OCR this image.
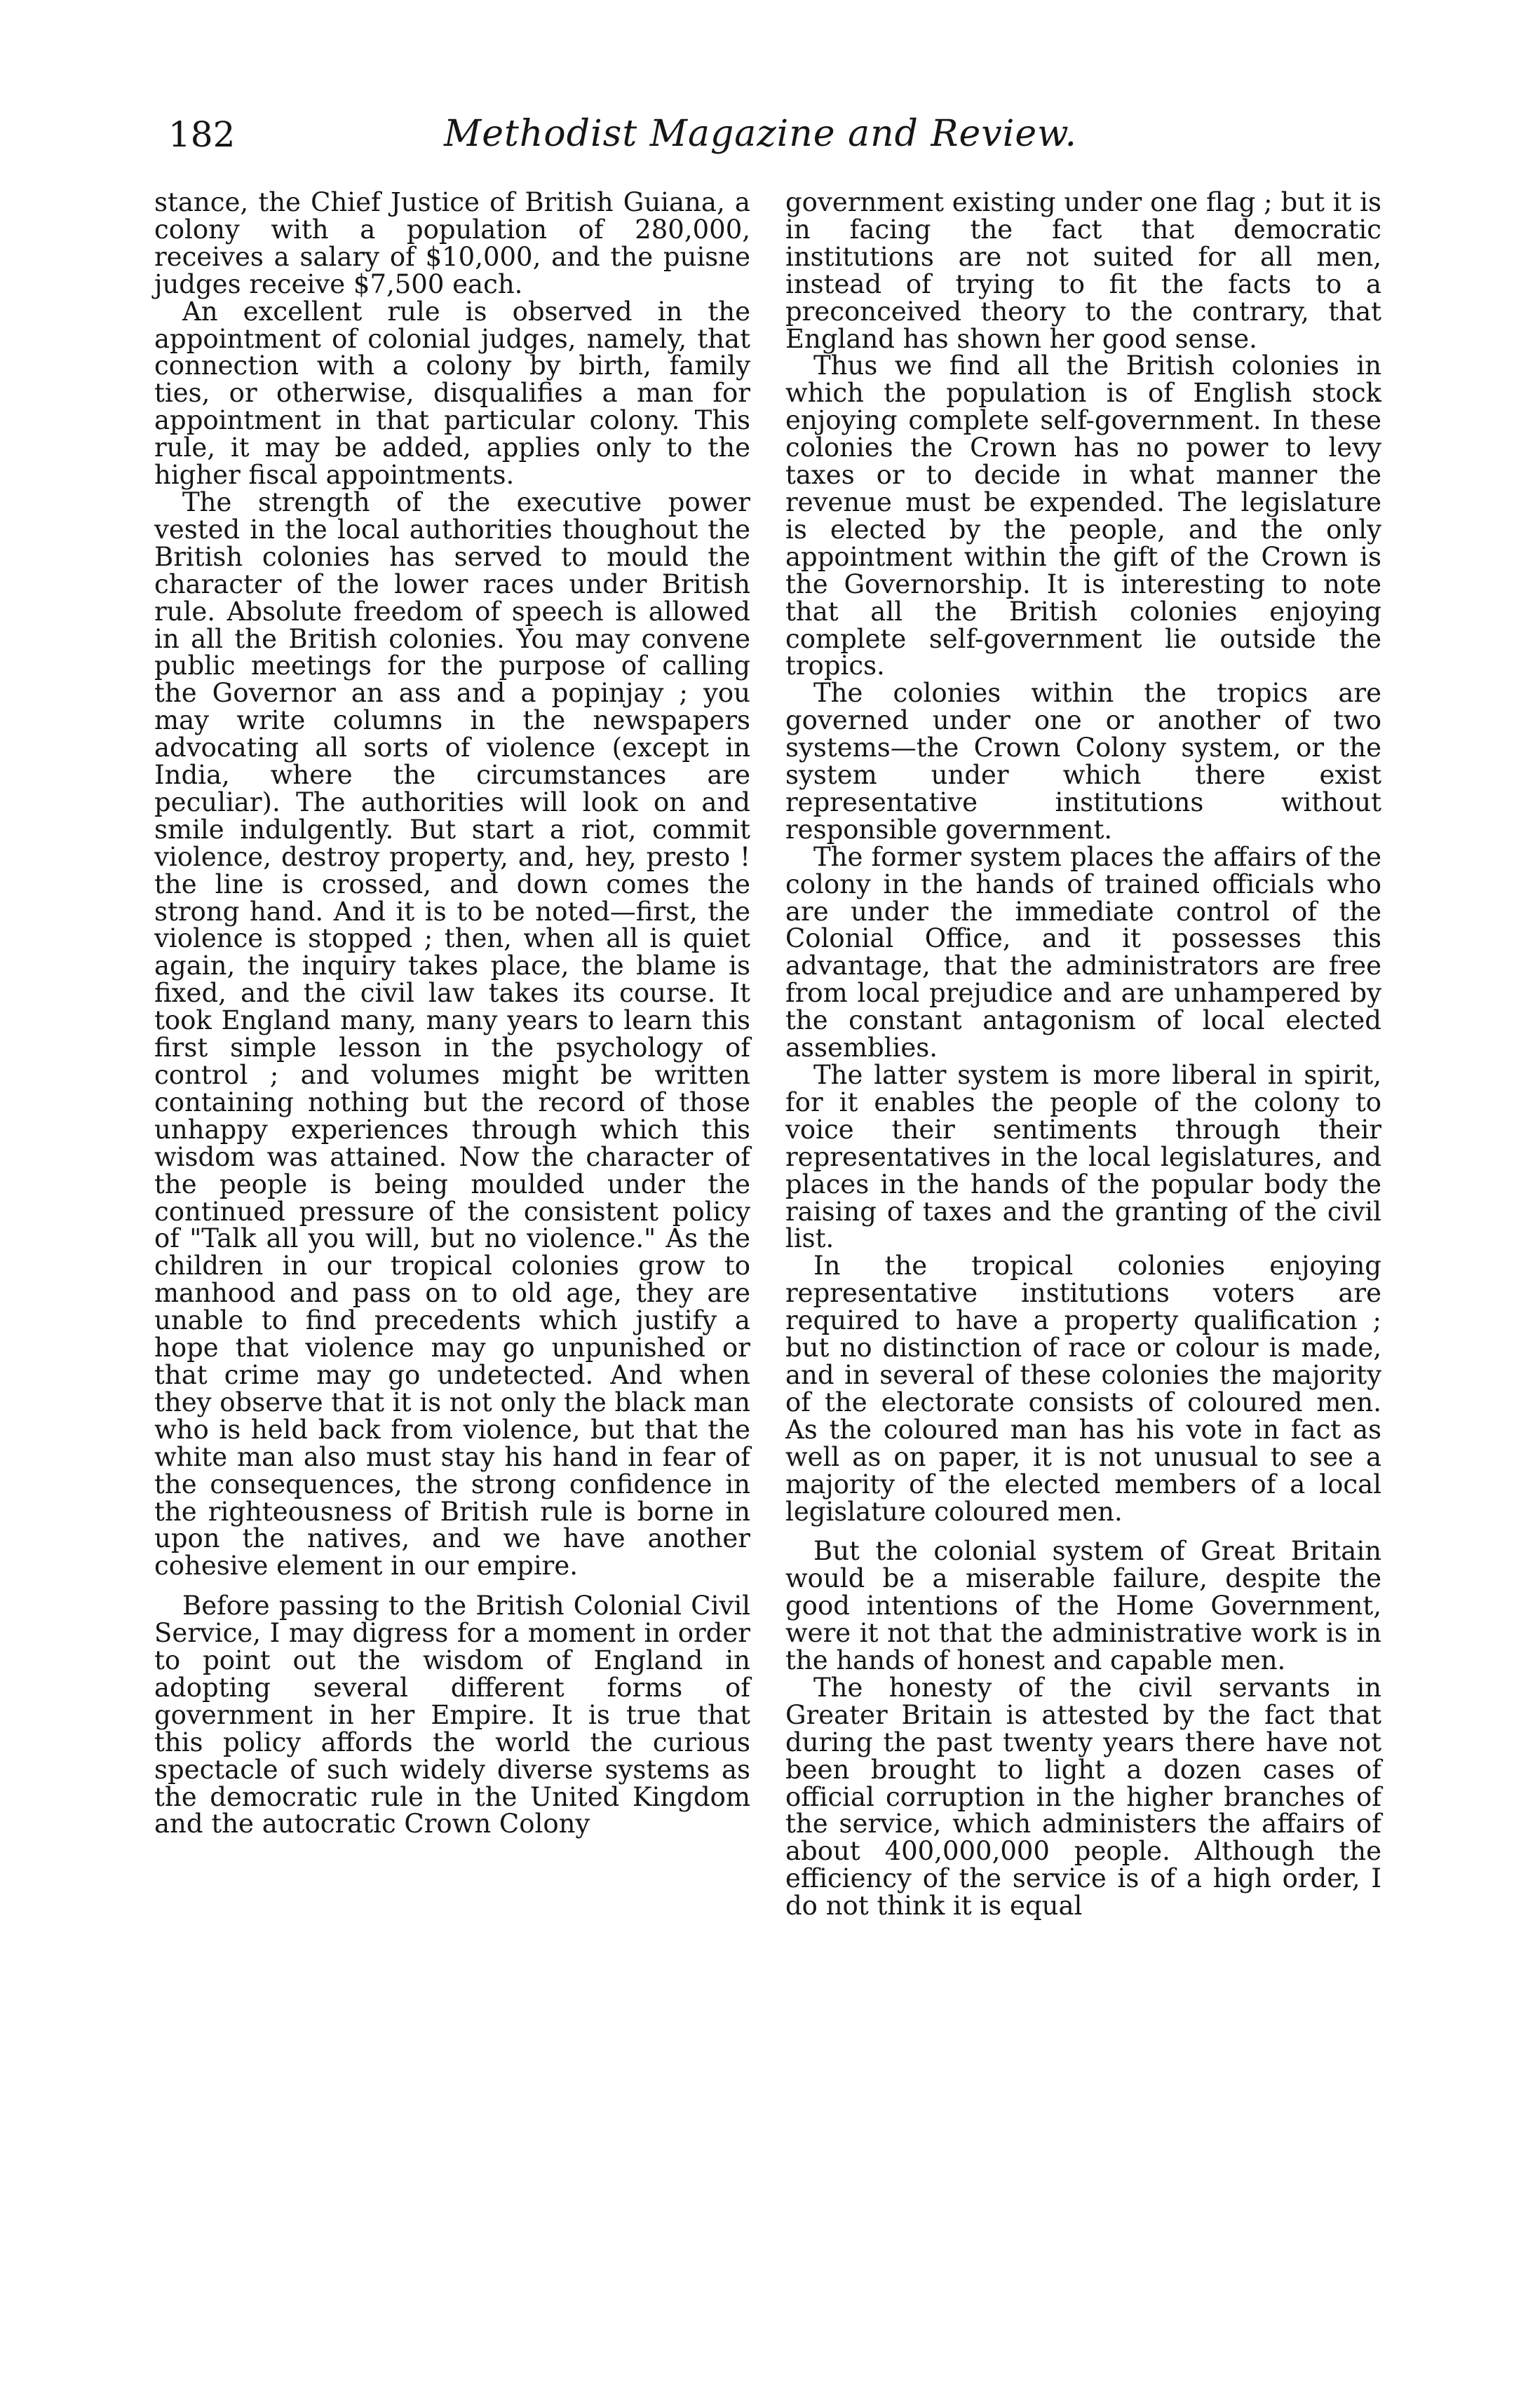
182	Methodist Magazine and Review.

stance, the Chief Justice of British Guiana, a colony with a population of 280,000, receives a salary of $10,000, and the puisne judges receive $7,500 each.

An excellent rule is observed in the appointment of colonial judges, namely, that connection with a colony by birth, family ties, or otherwise, disqualifies a man for appointment in that particular colony. This rule, it may be added, applies only to the higher fiscal appointments.

The strength of the executive power vested in the local authorities thoughout the British colonies has served to mould the character of the lower races under British rule. Absolute freedom of speech is allowed in all the British colonies. You may convene public meetings for the purpose of calling the Governor an ass and a popinjay ; you may write columns in the newspapers advocating all sorts of violence (except in India, where the circumstances are peculiar). The authorities will look on and smile indulgently. But start a riot, commit violence, destroy property, and, hey, presto ! the line is crossed, and down comes the strong hand. And it is to be noted—first, the violence is stopped ; then, when all is quiet again, the inquiry takes place, the blame is fixed, and the civil law takes its course. It took England many, many years to learn this first simple lesson in the psychology of control ; and volumes might be written containing nothing but the record of those unhappy experiences through which this wisdom was attained. Now the character of the people is being moulded under the continued pressure of the consistent policy of "Talk all you will, but no violence." As the children in our tropical colonies grow to manhood and pass on to old age, they are unable to find precedents which justify a hope that violence may go unpunished or that crime may go undetected. And when they observe that it is not only the black man who is held back from violence, but that the white man also must stay his hand in fear of the consequences, the strong confidence in the righteousness of British rule is borne in upon the natives, and we have another cohesive element in our empire.

Before passing to the British Colonial Civil Service, I may digress for a moment in order to point out the wisdom of England in adopting several different forms of government in her Empire. It is true that this policy affords the world the curious spectacle of such widely diverse systems as the democratic rule in the United Kingdom and the autocratic Crown Colony

government existing under one flag ; but it is in facing the fact that democratic institutions are not suited for all men, instead of trying to fit the facts to a preconceived theory to the contrary, that England has shown her good sense.

Thus we find all the British colonies in which the population is of English stock enjoying complete self-government. In these colonies the Crown has no power to levy taxes or to decide in what manner the revenue must be expended. The legislature is elected by the people, and the only appointment within the gift of the Crown is the Governorship. It is interesting to note that all the British colonies enjoying complete self-government lie outside the tropics.

The colonies within the tropics are governed under one or another of two systems—the Crown Colony system, or the system under which there exist representative institutions without responsible government.

The former system places the affairs of the colony in the hands of trained officials who are under the immediate control of the Colonial Office, and it possesses this advantage, that the administrators are free from local prejudice and are unhampered by the constant antagonism of local elected assemblies.

The latter system is more liberal in spirit, for it enables the people of the colony to voice their sentiments through their representatives in the local legislatures, and places in the hands of the popular body the raising of taxes and the granting of the civil list.

In the tropical colonies enjoying representative institutions voters are required to have a property qualification ; but no distinction of race or colour is made, and in several of these colonies the majority of the electorate consists of coloured men. As the coloured man has his vote in fact as well as on paper, it is not unusual to see a majority of the elected members of a local legislature coloured men.

But the colonial system of Great Britain would be a miserable failure, despite the good intentions of the Home Government, were it not that the administrative work is in the hands of honest and capable men.

The honesty of the civil servants in Greater Britain is attested by the fact that during the past twenty years there have not been brought to light a dozen cases of official corruption in the higher branches of the service, which administers the affairs of about 400,000,000 people. Although the efficiency of the service is of a high order, I do not think it is equal
